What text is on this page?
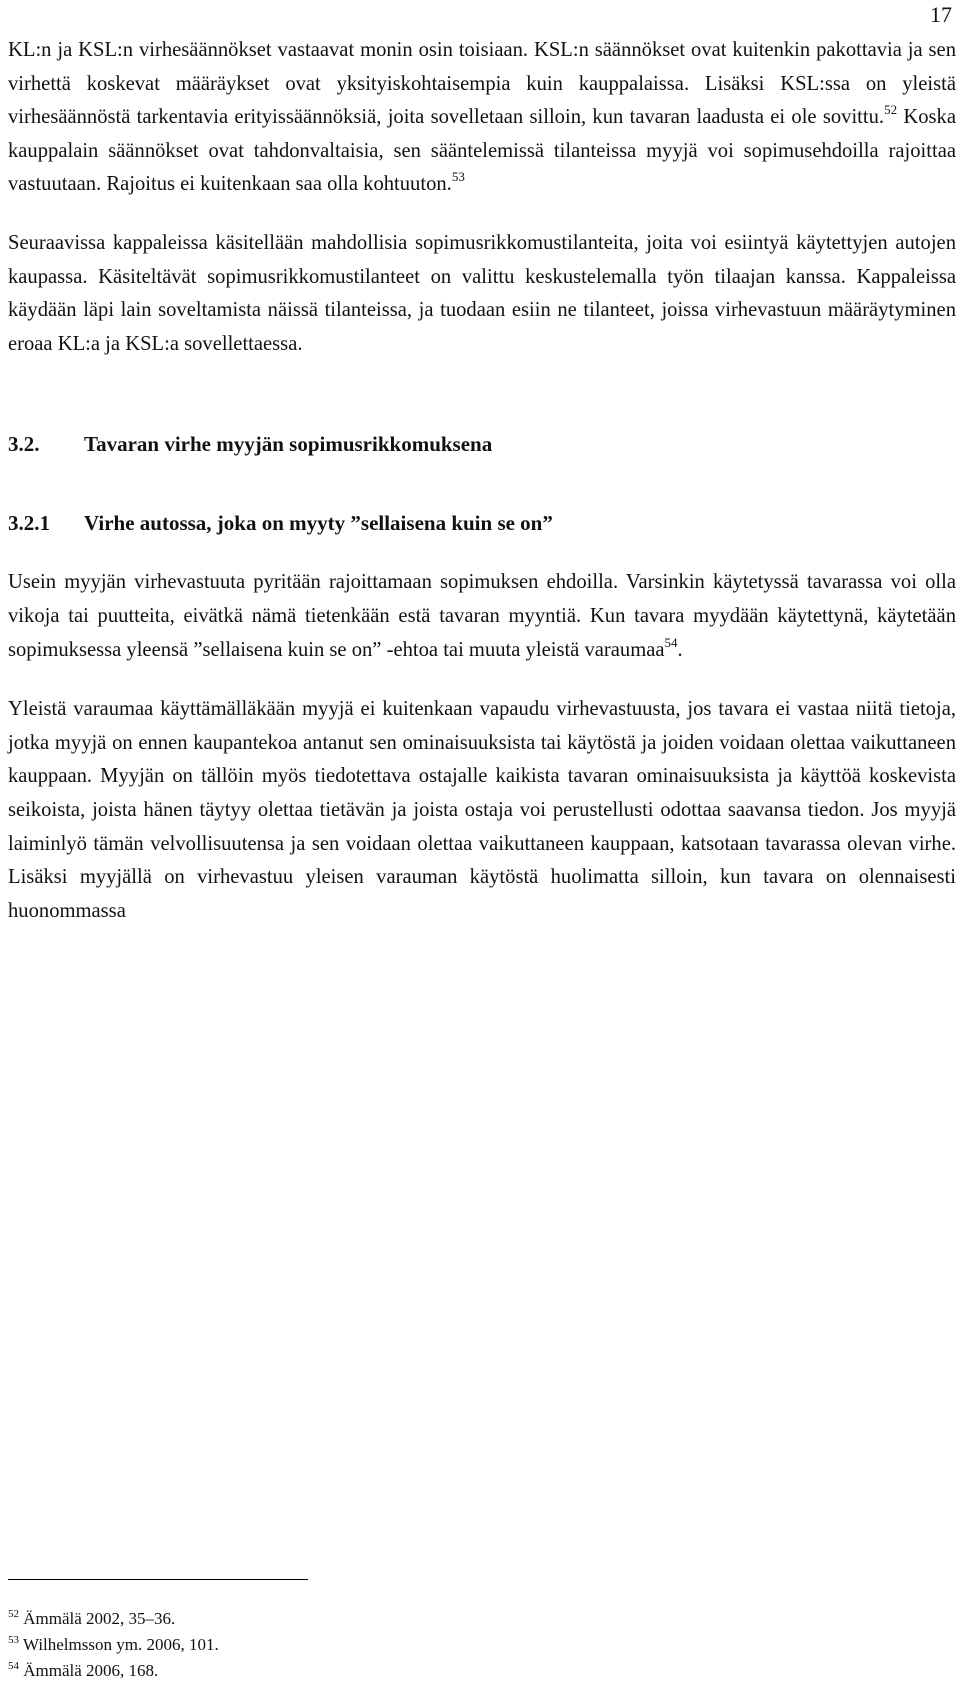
17

KL:n ja KSL:n virhesäännökset vastaavat monin osin toisiaan. KSL:n säännökset ovat kuitenkin pakottavia ja sen virhettä koskevat määräykset ovat yksityiskohtaisempia kuin kauppalaissa. Lisäksi KSL:ssa on yleistä virhesäännöstä tarkentavia erityissäännöksiä, joita sovelletaan silloin, kun tavaran laadusta ei ole sovittu.$^{52}$ Koska kauppalain säännökset ovat tahdonvaltaisia, sen sääntelemissä tilanteissa myyjä voi sopimusehdoilla rajoittaa vastuutaan. Rajoitus ei kuitenkaan saa olla kohtuuton.$^{53}$

Seuraavissa kappaleissa käsitellään mahdollisia sopimusrikkomustilanteita, joita voi esiintyä käytettyjen autojen kaupassa. Käsiteltävät sopimusrikkomustilanteet on valittu keskustelemalla työn tilaajan kanssa. Kappaleissa käydään läpi lain soveltamista näissä tilanteissa, ja tuodaan esiin ne tilanteet, joissa virhevastuun määräytyminen eroaa KL:a ja KSL:a sovellettaessa.

3.2. Tavaran virhe myyjän sopimusrikkomuksena
3.2.1 Virhe autossa, joka on myyty ”sellaisena kuin se on”

Usein myyjän virhevastuuta pyritään rajoittamaan sopimuksen ehdoilla. Varsinkin käytetyssä tavarassa voi olla vikoja tai puutteita, eivätkä nämä tietenkään estä tavaran myyntiä. Kun tavara myydään käytettynä, käytetään sopimuksessa yleensä ”sellaisena kuin se on” -ehtoa tai muuta yleistä varaumaa$^{54}$.

Yleistä varaumaa käyttämälläkään myyjä ei kuitenkaan vapaudu virhevastuusta, jos tavara ei vastaa niitä tietoja, jotka myyjä on ennen kaupantekoa antanut sen ominaisuuksista tai käytöstä ja joiden voidaan olettaa vaikuttaneen kauppaan. Myyjän on tällöin myös tiedotettava ostajalle kaikista tavaran ominaisuuksista ja käyttöä koskevista seikoista, joista hänen täytyy olettaa tietävän ja joista ostaja voi perustellusti odottaa saavansa tiedon. Jos myyjä laiminlyö tämän velvollisuutensa ja sen voidaan olettaa vaikuttaneen kauppaan, katsotaan tavarassa olevan virhe. Lisäksi myyjällä on virhevastuu yleisen varauman käytöstä huolimatta silloin, kun tavara on olennaisesti huonommassa

$^{52}$ Ämmälä 2002, 35–36.

$^{53}$ Wilhelmsson ym. 2006, 101.

$^{54}$ Ämmälä 2006, 168.
